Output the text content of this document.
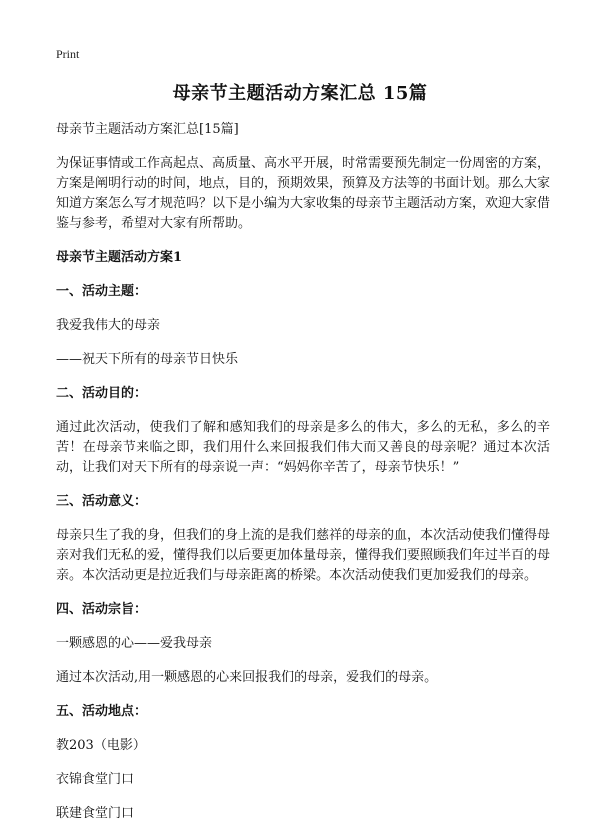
Print
母亲节主题活动方案汇总 15篇
母亲节主题活动方案汇总[15篇]
为保证事情或工作高起点、高质量、高水平开展，时常需要预先制定一份周密的方案，方案是阐明行动的时间，地点，目的，预期效果，预算及方法等的书面计划。那么大家知道方案怎么写才规范吗？以下是小编为大家收集的母亲节主题活动方案，欢迎大家借鉴与参考，希望对大家有所帮助。
母亲节主题活动方案1
一、活动主题：
我爱我伟大的母亲
——祝天下所有的母亲节日快乐
二、活动目的：
通过此次活动，使我们了解和感知我们的母亲是多么的伟大，多么的无私，多么的辛苦！在母亲节来临之即，我们用什么来回报我们伟大而又善良的母亲呢？通过本次活动，让我们对天下所有的母亲说一声：“妈妈你辛苦了，母亲节快乐！”
三、活动意义：
母亲只生了我的身，但我们的身上流的是我们慈祥的母亲的血，本次活动使我们懂得母亲对我们无私的爱，懂得我们以后要更加体量母亲，懂得我们要照顾我们年过半百的母亲。本次活动更是拉近我们与母亲距离的桥梁。本次活动使我们更加爱我们的母亲。
四、活动宗旨：
一颗感恩的心——爱我母亲
通过本次活动,用一颗感恩的心来回报我们的母亲，爱我们的母亲。
五、活动地点：
教203（电影）
衣锦食堂门口
联建食堂门口
